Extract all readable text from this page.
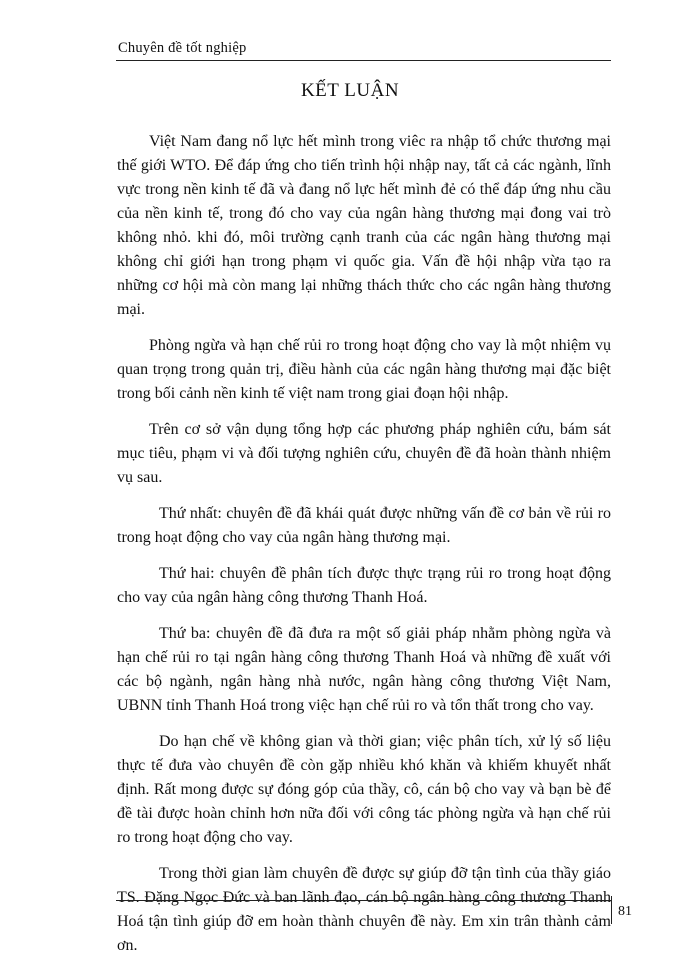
Chuyên đề tốt nghiệp
KẾT LUẬN

Việt Nam đang nổ lực hết mình trong viêc ra nhập tổ chức thương mại thế giới WTO. Để đáp ứng cho tiến trình hội nhập nay, tất cả các ngành, lĩnh vực trong nền kinh tế đã và đang nổ lực hết mình đẻ có thể đáp ứng nhu cầu của nền kinh tế, trong đó cho vay của ngân hàng thương mại đong vai trò không nhỏ. khi đó, môi trường cạnh tranh của các ngân hàng thương mại không chỉ giới hạn trong phạm vi quốc gia. Vấn đề hội nhập vừa tạo ra những cơ hội mà còn mang lại những thách thức cho các ngân hàng thương mại.

Phòng ngừa và hạn chế rủi ro trong hoạt động cho vay là một nhiệm vụ quan trọng trong quản trị, điều hành của các ngân hàng thương mại đặc biệt trong bối cảnh nền kinh tế việt nam trong giai đoạn hội nhập.

Trên cơ sở vận dụng tổng hợp các phương pháp nghiên cứu, bám sát mục tiêu, phạm vi và đối tượng nghiên cứu, chuyên đề đã hoàn thành nhiệm vụ sau.

Thứ nhất: chuyên đề đã khái quát được những vấn đề cơ bản về rủi ro trong hoạt động cho vay của ngân hàng thương mại.

Thứ hai: chuyên đề phân tích được thực trạng rủi ro trong hoạt động cho vay của ngân hàng công thương Thanh Hoá.

Thứ ba: chuyên đề đã đưa ra một số giải pháp nhằm phòng ngừa và hạn chế rủi ro tại ngân hàng công thương Thanh Hoá và những đề xuất với các bộ ngành, ngân hàng nhà nước, ngân hàng công thương Việt Nam, UBNN tỉnh Thanh Hoá trong việc hạn chế rủi ro và tổn thất trong cho vay.

Do hạn chế về không gian và thời gian; việc phân tích, xử lý số liệu thực tế đưa vào chuyên đề còn gặp nhiều khó khăn và khiếm khuyết nhất định. Rất mong được sự đóng góp của thầy, cô, cán bộ cho vay và bạn bè để đề tài được hoàn chỉnh hơn nữa đối với công tác phòng ngừa và hạn chế rủi ro trong hoạt động cho vay.

Trong thời gian làm chuyên đề được sự giúp đỡ tận tình của thầy giáo TS. Đặng Ngọc Đức và ban lãnh đạo, cán bộ ngân hàng công thương Thanh Hoá tận tình giúp đỡ em hoàn thành chuyên đề này. Em xin trân thành cảm ơn.

81
